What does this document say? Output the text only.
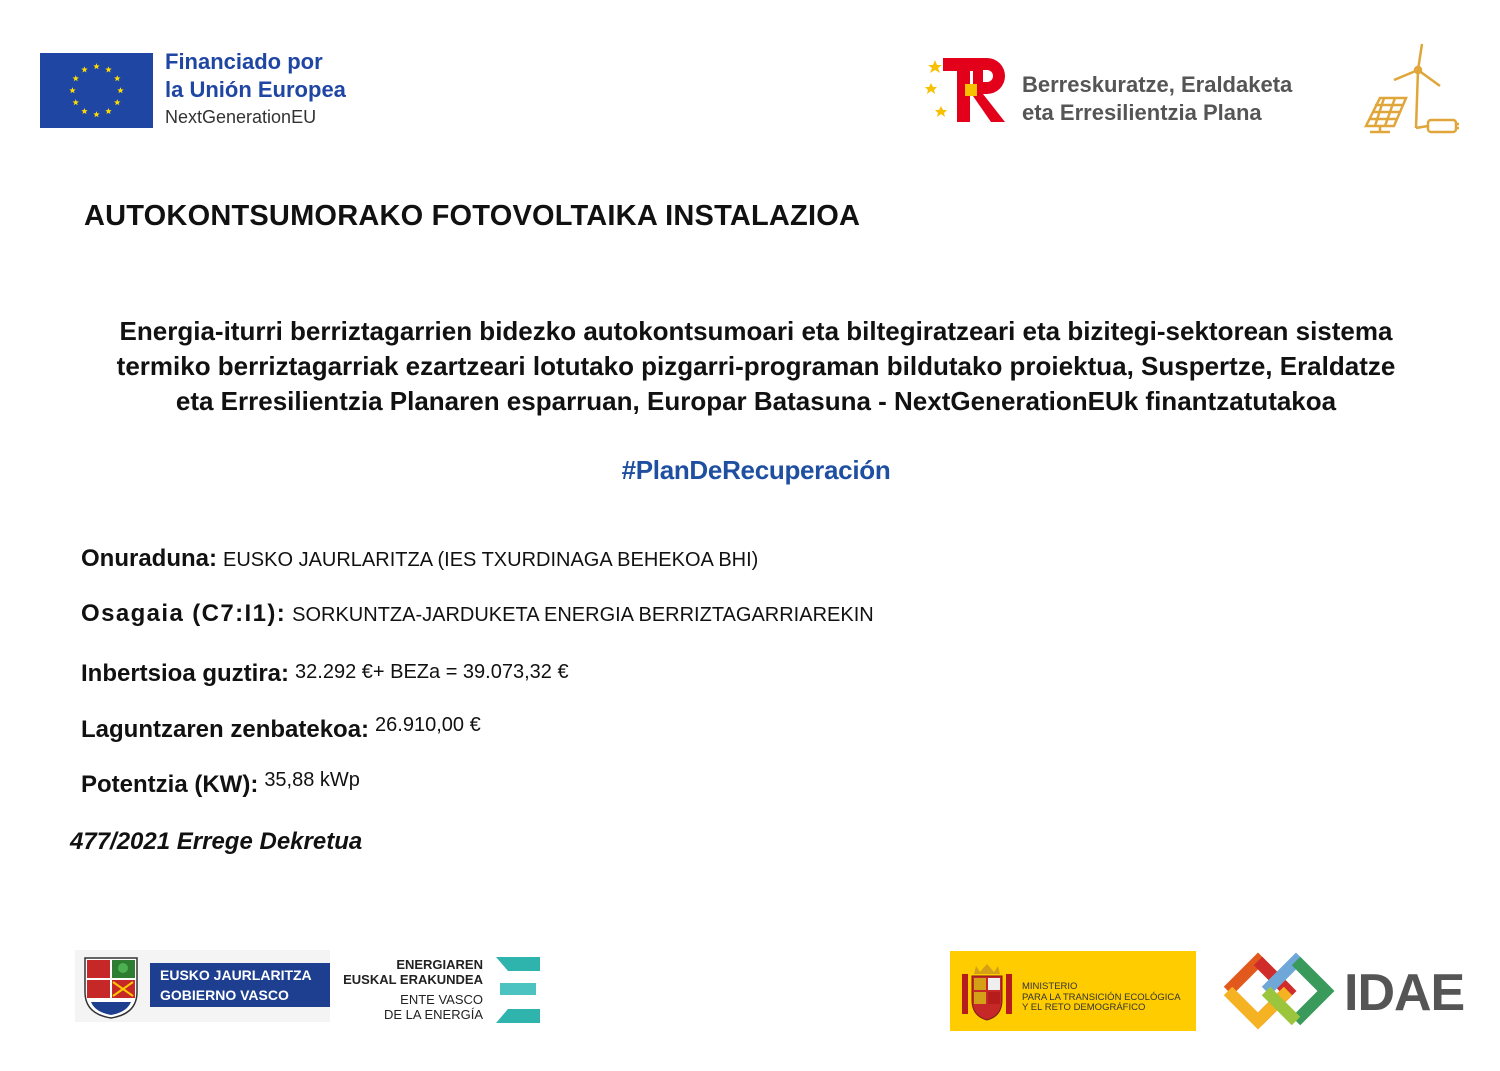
Financiado por
la Unión Europea
NextGenerationEU
Berreskuratze, Eraldaketa
eta Erresilientzia Plana
AUTOKONTSUMORAKO FOTOVOLTAIKA INSTALAZIOA
Energia-iturri berriztagarrien bidezko autokontsumoari eta biltegiratzeari eta bizitegi-sektorean sistema
termiko berriztagarriak ezartzeari lotutako pizgarri-programan bildutako proiektua, Suspertze, Eraldatze
eta Erresilientzia Planaren esparruan, Europar Batasuna - NextGenerationEUk finantzatutakoa
#PlanDeRecuperación
Onuraduna: EUSKO JAURLARITZA (IES TXURDINAGA BEHEKOA BHI)
Osagaia (C7:I1): SORKUNTZA-JARDUKETA ENERGIA BERRIZTAGARRIAREKIN
Inbertsioa guztira: 32.292 €+ BEZa = 39.073,32 €
Laguntzaren zenbatekoa: $^{26.910,00 €}$
Potentzia (KW): $^{35,88 kWp}$
477/2021 Errege Dekretua
EUSKO JAURLARITZA
GOBIERNO VASCO
ENERGIAREN
EUSKAL ERAKUNDEA
ENTE VASCO
DE LA ENERGÍA
MINISTERIO
PARA LA TRANSICIÓN ECOLÓGICA
Y EL RETO DEMOGRÁFICO	IDAE
